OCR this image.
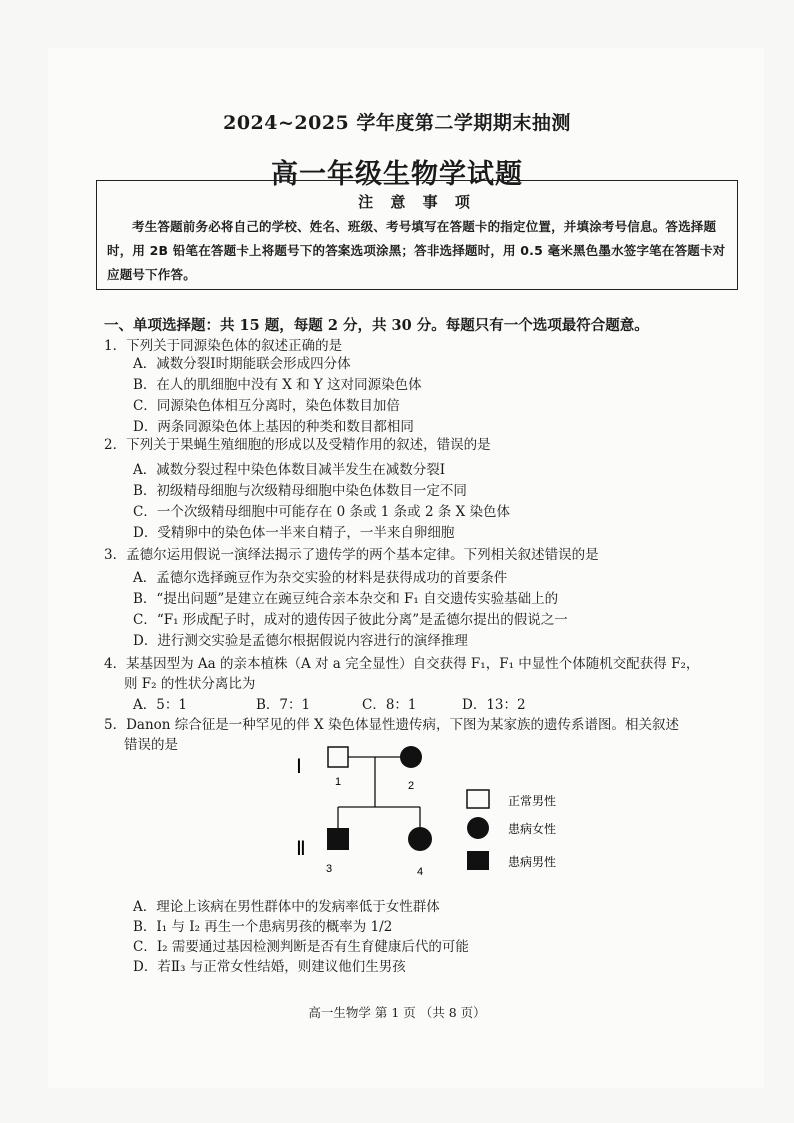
2024~2025 学年度第二学期期末抽测
高一年级生物学试题
注 意 事 项
考生答题前务必将自己的学校、姓名、班级、考号填写在答题卡的指定位置，并填涂考号信息。答选择题时，用 2B 铅笔在答题卡上将题号下的答案选项涂黑；答非选择题时，用 0.5 毫米黑色墨水签字笔在答题卡对应题号下作答。
一、单项选择题：共 15 题，每题 2 分，共 30 分。每题只有一个选项最符合题意。
1．下列关于同源染色体的叙述正确的是
A．减数分裂Ⅰ时期能联会形成四分体
B．在人的肌细胞中没有 X 和 Y 这对同源染色体
C．同源染色体相互分离时，染色体数目加倍
D．两条同源染色体上基因的种类和数目都相同
2．下列关于果蝇生殖细胞的形成以及受精作用的叙述，错误的是
A．减数分裂过程中染色体数目减半发生在减数分裂Ⅰ
B．初级精母细胞与次级精母细胞中染色体数目一定不同
C．一个次级精母细胞中可能存在 0 条或 1 条或 2 条 X 染色体
D．受精卵中的染色体一半来自精子，一半来自卵细胞
3．孟德尔运用假说一演绎法揭示了遗传学的两个基本定律。下列相关叙述错误的是
A．孟德尔选择豌豆作为杂交实验的材料是获得成功的首要条件
B．“提出问题”是建立在豌豆纯合亲本杂交和 F₁ 自交遗传实验基础上的
C．“F₁ 形成配子时，成对的遗传因子彼此分离”是孟德尔提出的假说之一
D．进行测交实验是孟德尔根据假说内容进行的演绎推理
4．某基因型为 Aa 的亲本植株（A 对 a 完全显性）自交获得 F₁，F₁ 中显性个体随机交配获得 F₂，
则 F₂ 的性状分离比为
A．5：1	B．7：1	C．8：1	D．13：2
5．Danon 综合征是一种罕见的伴 X 染色体显性遗传病，下图为某家族的遗传系谱图。相关叙述
错误的是
Ⅰ
Ⅱ
1	2
3	4
正常男性
患病女性
患病男性
A．理论上该病在男性群体中的发病率低于女性群体
B．I₁ 与 I₂ 再生一个患病男孩的概率为 1/2
C．I₂ 需要通过基因检测判断是否有生育健康后代的可能
D．若Ⅱ₃ 与正常女性结婚，则建议他们生男孩
高一生物学 第 1 页 （共 8 页）
